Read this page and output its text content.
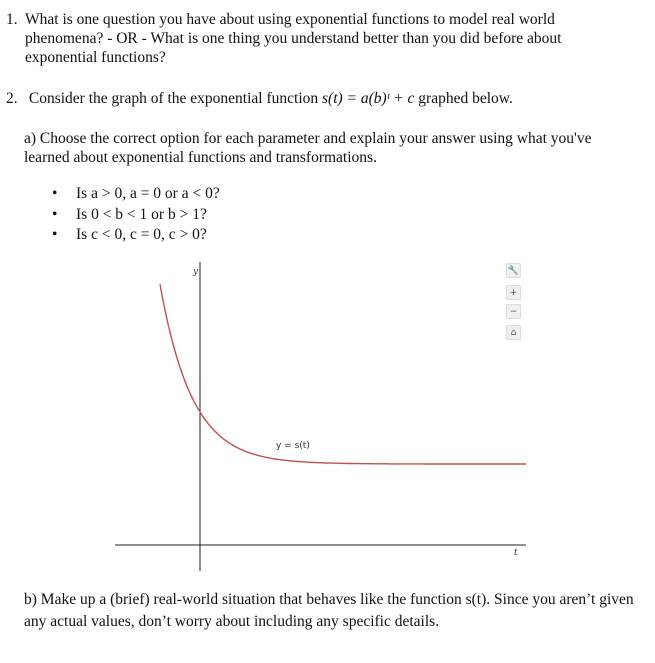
1. What is one question you have about using exponential functions to model real world phenomena? - OR - What is one thing you understand better than you did before about exponential functions?
2. Consider the graph of the exponential function s(t) = a(b)ᵗ + c graphed below.
a) Choose the correct option for each parameter and explain your answer using what you've learned about exponential functions and transformations.
• Is a > 0, a = 0 or a < 0?
• Is 0 < b < 1 or b > 1?
• Is c < 0, c = 0, c > 0?
y
t
y = s(t)
🔧
+
−
⌂
b) Make up a (brief) real-world situation that behaves like the function s(t). Since you aren’t given any actual values, don’t worry about including any specific details.
